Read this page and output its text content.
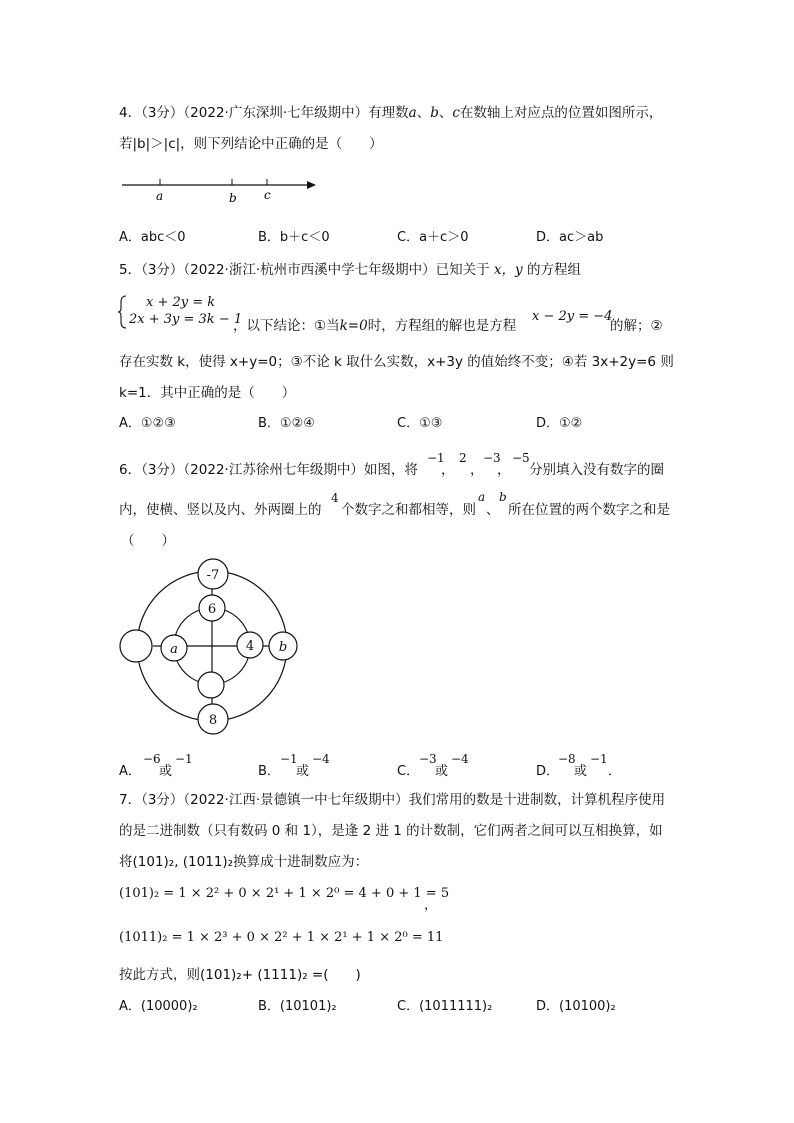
4．（3分）（2022·广东深圳·七年级期中）有理数a、b、c在数轴上对应点的位置如图所示，
若|b|＞|c|，则下列结论中正确的是（　　）
a	b c
A．abc＜0	B．b＋c＜0	C．a＋c＞0	D．ac＞ab
5．（3分）（2022·浙江·杭州市西溪中学七年级期中）已知关于 x，y 的方程组
x + 2y = k
2x + 3y = 3k − 1
，以下结论：①当k=0时，方程组的解也是方程
x − 2y = −4
的解；②
存在实数 k，使得 x+y=0；③不论 k 取什么实数，x+3y 的值始终不变；④若 3x+2y=6 则
k=1．其中正确的是（　　）
A．①②③	B．①②④	C．①③	D．①②
6．（3分）（2022·江苏徐州七年级期中）如图，将
−1
，
2
，
−3
，
−5
分别填入没有数字的圈
内，使横、竖以及内、外两圈上的
4
个数字之和都相等，则
a
、
b
所在位置的两个数字之和是
（　　）
-7
6
a	4 b
8
A．
−6
或
−1
B．
−1
或
−4
C．
−3
或
−4
D．
−8
或
−1
．
7．（3分）（2022·江西·景德镇一中七年级期中）我们常用的数是十进制数，计算机程序使用
的是二进制数（只有数码 0 和 1），是逢 2 进 1 的计数制，它们两者之间可以互相换算，如
将(101)₂, (1011)₂换算成十进制数应为：
(101)₂ = 1 × 2² + 0 × 2¹ + 1 × 2⁰ = 4 + 0 + 1 = 5
，
(1011)₂ = 1 × 2³ + 0 × 2² + 1 × 2¹ + 1 × 2⁰ = 11
按此方式，则(101)₂+ (1111)₂ =(　　)
A．(10000)₂	B．(10101)₂	C．(1011111)₂	D．(10100)₂
